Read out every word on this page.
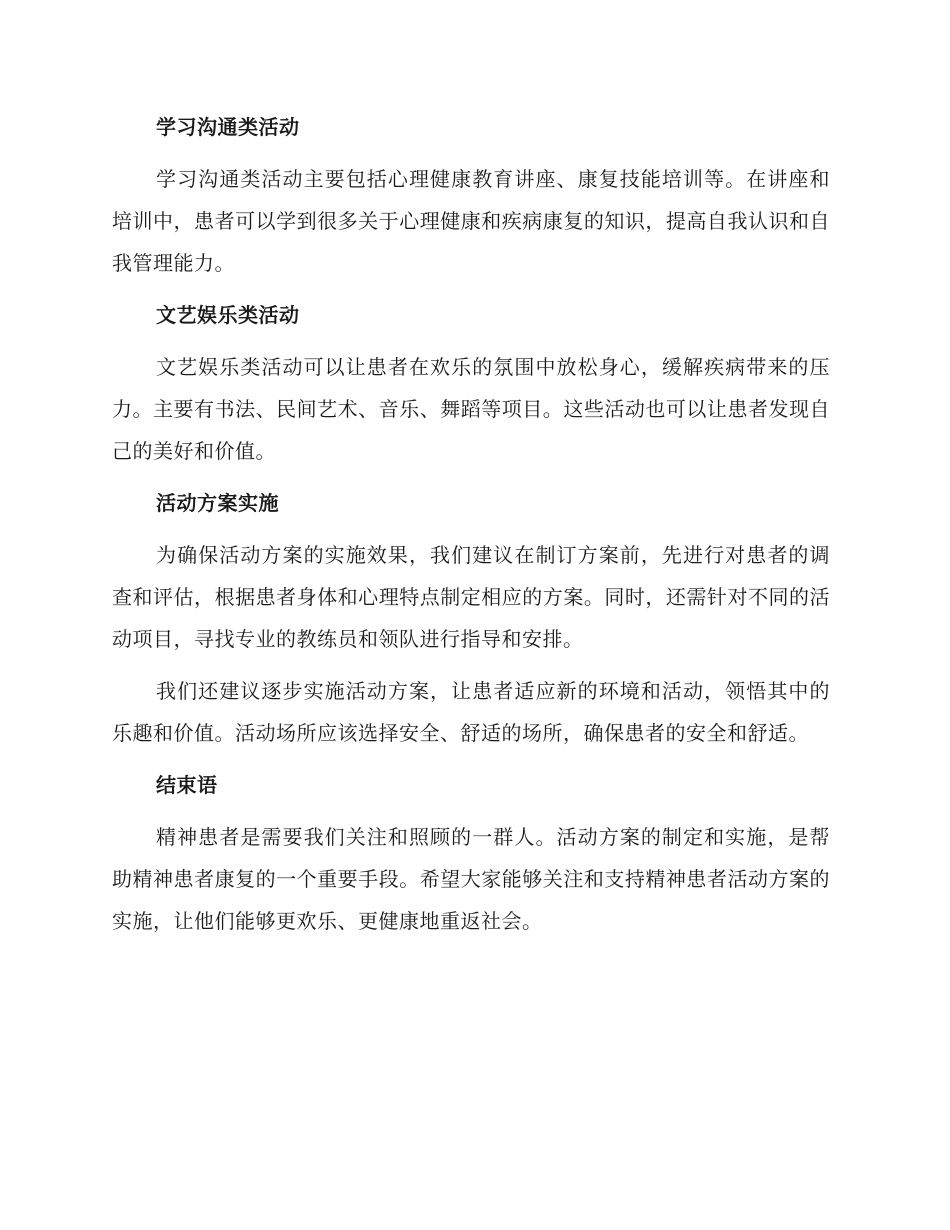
学习沟通类活动

学习沟通类活动主要包括心理健康教育讲座、康复技能培训等。在讲座和培训中，患者可以学到很多关于心理健康和疾病康复的知识，提高自我认识和自我管理能力。

文艺娱乐类活动

文艺娱乐类活动可以让患者在欢乐的氛围中放松身心，缓解疾病带来的压力。主要有书法、民间艺术、音乐、舞蹈等项目。这些活动也可以让患者发现自己的美好和价值。

活动方案实施

为确保活动方案的实施效果，我们建议在制订方案前，先进行对患者的调查和评估，根据患者身体和心理特点制定相应的方案。同时，还需针对不同的活动项目，寻找专业的教练员和领队进行指导和安排。

我们还建议逐步实施活动方案，让患者适应新的环境和活动，领悟其中的乐趣和价值。活动场所应该选择安全、舒适的场所，确保患者的安全和舒适。

结束语

精神患者是需要我们关注和照顾的一群人。活动方案的制定和实施，是帮助精神患者康复的一个重要手段。希望大家能够关注和支持精神患者活动方案的实施，让他们能够更欢乐、更健康地重返社会。
